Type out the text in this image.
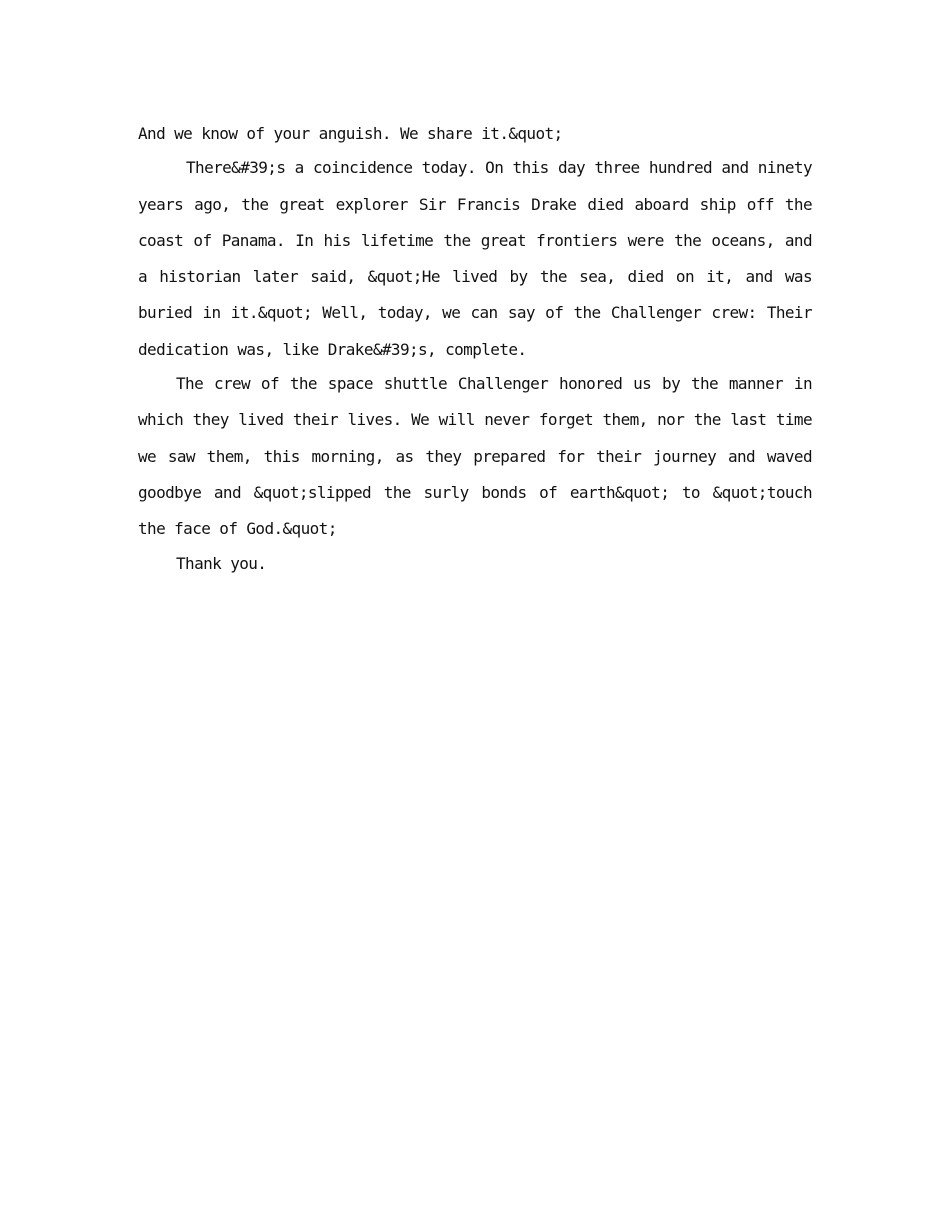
And we know of your anguish. We share it.&quot;

There&#39;s a coincidence today. On this day three hundred and ninety years ago, the great explorer Sir Francis Drake died aboard ship off the coast of Panama. In his lifetime the great frontiers were the oceans, and a historian later said, &quot;He lived by the sea, died on it, and was buried in it.&quot; Well, today, we can say of the Challenger crew: Their dedication was, like Drake&#39;s, complete.

The crew of the space shuttle Challenger honored us by the manner in which they lived their lives. We will never forget them, nor the last time we saw them, this morning, as they prepared for their journey and waved goodbye and &quot;slipped the surly bonds of earth&quot; to &quot;touch the face of God.&quot;

Thank you.
